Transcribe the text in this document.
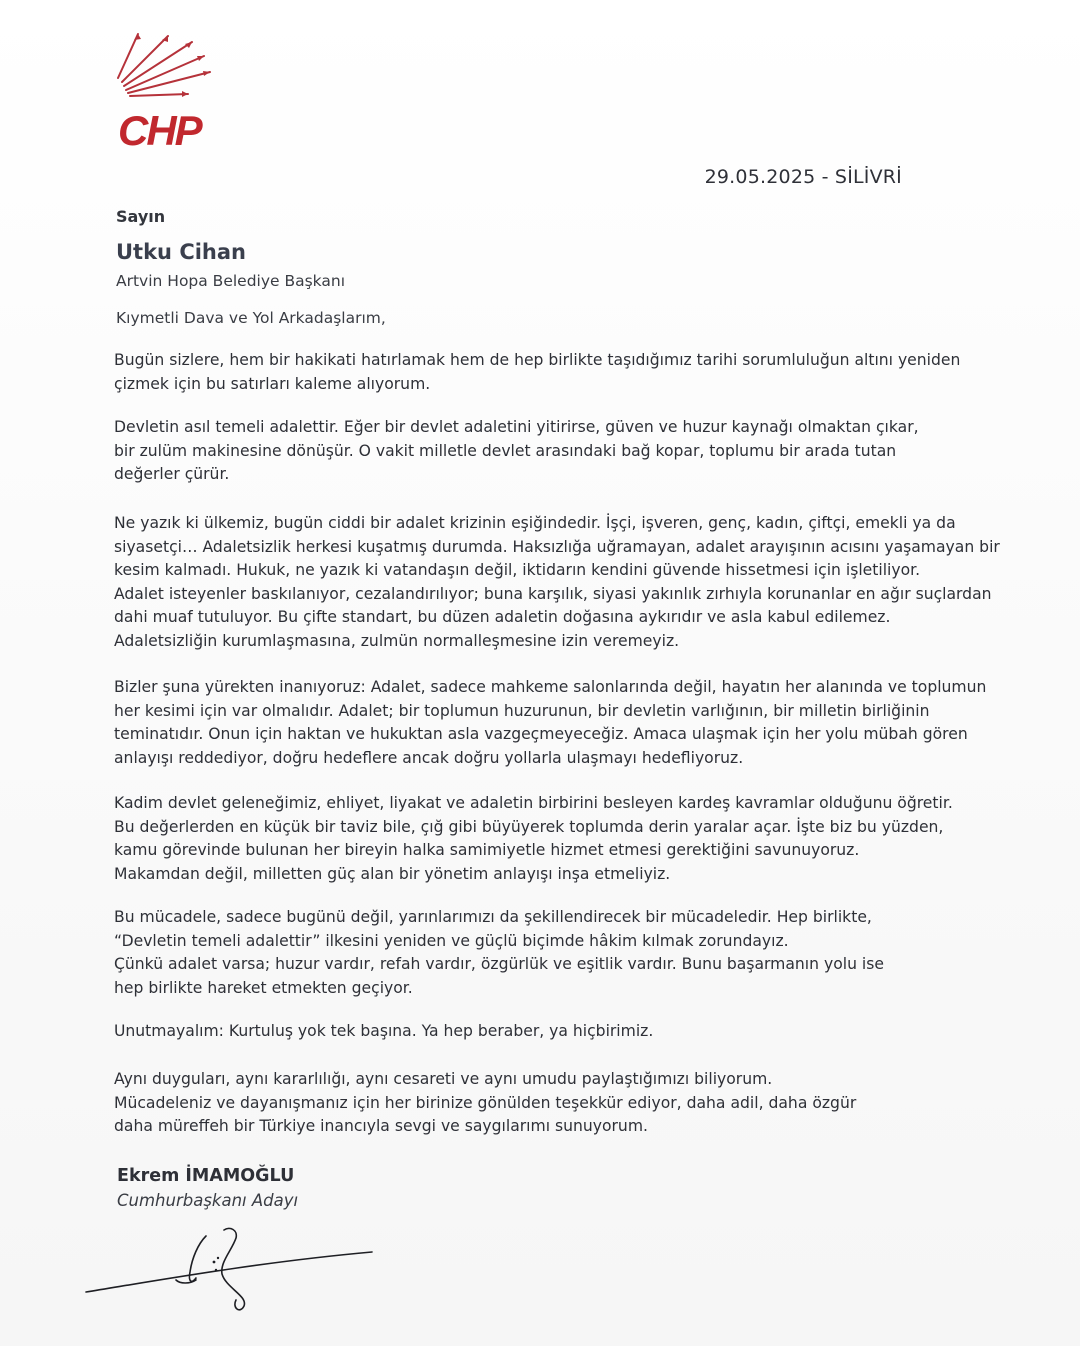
CHP
29.05.2025 - SİLİVRİ
Sayın
Utku Cihan
Artvin Hopa Belediye Başkanı
Kıymetli Dava ve Yol Arkadaşlarım,
Bugün sizlere, hem bir hakikati hatırlamak hem de hep birlikte taşıdığımız tarihi sorumluluğun altını yeniden
çizmek için bu satırları kaleme alıyorum.
Devletin asıl temeli adalettir. Eğer bir devlet adaletini yitirirse, güven ve huzur kaynağı olmaktan çıkar,
bir zulüm makinesine dönüşür. O vakit milletle devlet arasındaki bağ kopar, toplumu bir arada tutan
değerler çürür.
Ne yazık ki ülkemiz, bugün ciddi bir adalet krizinin eşiğindedir. İşçi, işveren, genç, kadın, çiftçi, emekli ya da
siyasetçi… Adaletsizlik herkesi kuşatmış durumda. Haksızlığa uğramayan, adalet arayışının acısını yaşamayan bir
kesim kalmadı. Hukuk, ne yazık ki vatandaşın değil, iktidarın kendini güvende hissetmesi için işletiliyor.
Adalet isteyenler baskılanıyor, cezalandırılıyor; buna karşılık, siyasi yakınlık zırhıyla korunanlar en ağır suçlardan
dahi muaf tutuluyor. Bu çifte standart, bu düzen adaletin doğasına aykırıdır ve asla kabul edilemez.
Adaletsizliğin kurumlaşmasına, zulmün normalleşmesine izin veremeyiz.
Bizler şuna yürekten inanıyoruz: Adalet, sadece mahkeme salonlarında değil, hayatın her alanında ve toplumun
her kesimi için var olmalıdır. Adalet; bir toplumun huzurunun, bir devletin varlığının, bir milletin birliğinin
teminatıdır. Onun için haktan ve hukuktan asla vazgeçmeyeceğiz. Amaca ulaşmak için her yolu mübah gören
anlayışı reddediyor, doğru hedeflere ancak doğru yollarla ulaşmayı hedefliyoruz.
Kadim devlet geleneğimiz, ehliyet, liyakat ve adaletin birbirini besleyen kardeş kavramlar olduğunu öğretir.
Bu değerlerden en küçük bir taviz bile, çığ gibi büyüyerek toplumda derin yaralar açar. İşte biz bu yüzden,
kamu görevinde bulunan her bireyin halka samimiyetle hizmet etmesi gerektiğini savunuyoruz.
Makamdan değil, milletten güç alan bir yönetim anlayışı inşa etmeliyiz.
Bu mücadele, sadece bugünü değil, yarınlarımızı da şekillendirecek bir mücadeledir. Hep birlikte,
“Devletin temeli adalettir” ilkesini yeniden ve güçlü biçimde hâkim kılmak zorundayız.
Çünkü adalet varsa; huzur vardır, refah vardır, özgürlük ve eşitlik vardır. Bunu başarmanın yolu ise
hep birlikte hareket etmekten geçiyor.
Unutmayalım: Kurtuluş yok tek başına. Ya hep beraber, ya hiçbirimiz.
Aynı duyguları, aynı kararlılığı, aynı cesareti ve aynı umudu paylaştığımızı biliyorum.
Mücadeleniz ve dayanışmanız için her birinize gönülden teşekkür ediyor, daha adil, daha özgür
daha müreffeh bir Türkiye inancıyla sevgi ve saygılarımı sunuyorum.
Ekrem İMAMOĞLU
Cumhurbaşkanı Adayı
